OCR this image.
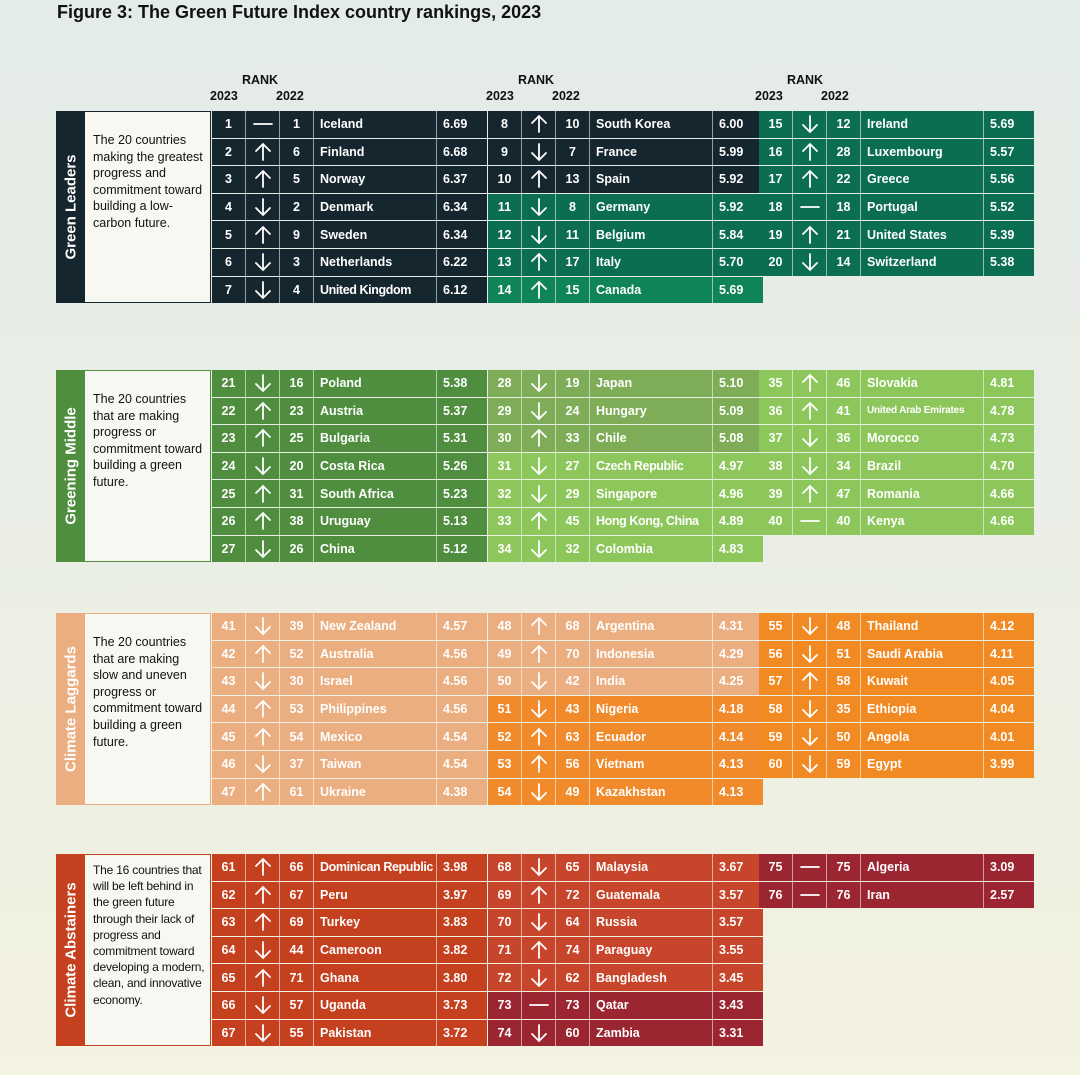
Figure 3: The Green Future Index country rankings, 2023
RANK
2023	2022
RANK
2023	2022
RANK
2023	2022
Green Leaders

The 20 countries making the greatest progress and commitment toward building a low-carbon future.

1	1	Iceland	6.69
2	6	Finland	6.68
3	5	Norway	6.37
4	2	Denmark	6.34
5	9	Sweden	6.34
6	3	Netherlands	6.22
7	4	United Kingdom	6.12
8	10	South Korea	6.00
9	7	France	5.99
10	13	Spain	5.92
11	8	Germany	5.92
12	11	Belgium	5.84
13	17	Italy	5.70
14	15	Canada	5.69
15	12	Ireland	5.69
16	28	Luxembourg	5.57
17	22	Greece	5.56
18	18	Portugal	5.52
19	21	United States	5.39
20	14	Switzerland	5.38
Greening Middle

The 20 countries that are making progress or commitment toward building a green future.

21	16	Poland	5.38
22	23	Austria	5.37
23	25	Bulgaria	5.31
24	20	Costa Rica	5.26
25	31	South Africa	5.23
26	38	Uruguay	5.13
27	26	China	5.12
28	19	Japan	5.10
29	24	Hungary	5.09
30	33	Chile	5.08
31	27	Czech Republic	4.97
32	29	Singapore	4.96
33	45	Hong Kong, China	4.89
34	32	Colombia	4.83
35	46	Slovakia	4.81
36	41	United Arab Emirates	4.78
37	36	Morocco	4.73
38	34	Brazil	4.70
39	47	Romania	4.66
40	40	Kenya	4.66
Climate Laggards

The 20 countries that are making slow and uneven progress or commitment toward building a green future.

41	39	New Zealand	4.57
42	52	Australia	4.56
43	30	Israel	4.56
44	53	Philippines	4.56
45	54	Mexico	4.54
46	37	Taiwan	4.54
47	61	Ukraine	4.38
48	68	Argentina	4.31
49	70	Indonesia	4.29
50	42	India	4.25
51	43	Nigeria	4.18
52	63	Ecuador	4.14
53	56	Vietnam	4.13
54	49	Kazakhstan	4.13
55	48	Thailand	4.12
56	51	Saudi Arabia	4.11
57	58	Kuwait	4.05
58	35	Ethiopia	4.04
59	50	Angola	4.01
60	59	Egypt	3.99
Climate Abstainers

The 16 countries that will be left behind in the green future through their lack of progress and commitment toward developing a modern, clean, and innovative economy.

61	66	Dominican Republic 3.98
62	67	Peru	3.97
63	69	Turkey	3.83
64	44	Cameroon	3.82
65	71	Ghana	3.80
66	57	Uganda	3.73
67	55	Pakistan	3.72
68	65	Malaysia	3.67
69	72	Guatemala	3.57
70	64	Russia	3.57
71	74	Paraguay	3.55
72	62	Bangladesh	3.45
73	73	Qatar	3.43
74	60	Zambia	3.31
75	75	Algeria	3.09
76	76	Iran	2.57
